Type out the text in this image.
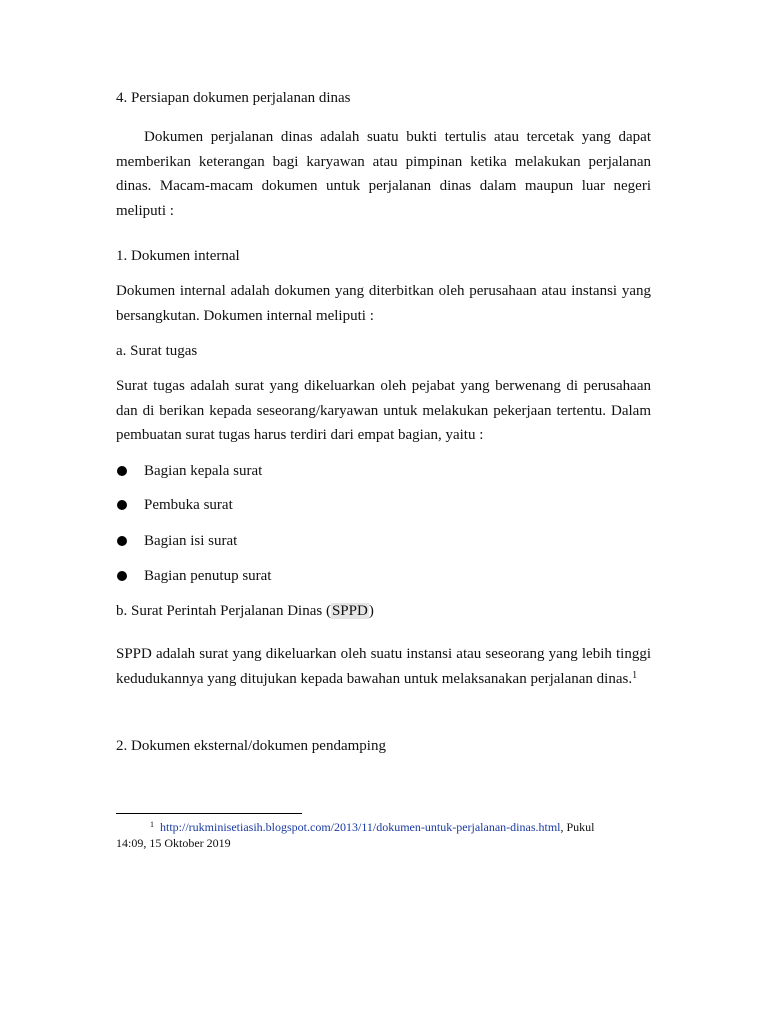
4. Persiapan dokumen perjalanan dinas
Dokumen perjalanan dinas adalah suatu bukti tertulis atau tercetak yang dapat memberikan keterangan bagi karyawan atau pimpinan ketika melakukan perjalanan dinas. Macam-macam dokumen untuk perjalanan dinas dalam maupun luar negeri meliputi :
1. Dokumen internal
Dokumen internal adalah dokumen yang diterbitkan oleh perusahaan atau instansi yang bersangkutan. Dokumen internal meliputi :
a. Surat tugas
Surat tugas adalah surat yang dikeluarkan oleh pejabat yang berwenang di perusahaan dan di berikan kepada seseorang/karyawan untuk melakukan pekerjaan tertentu. Dalam pembuatan surat tugas harus terdiri dari empat bagian, yaitu :
Bagian kepala surat
Pembuka surat
Bagian isi surat
Bagian penutup surat
b. Surat Perintah Perjalanan Dinas (SPPD)
SPPD adalah surat yang dikeluarkan oleh suatu instansi atau seseorang yang lebih tinggi kedudukannya yang ditujukan kepada bawahan untuk melaksanakan perjalanan dinas.$^1$
2. Dokumen eksternal/dokumen pendamping
$^1$ http://rukminisetiasih.blogspot.com/2013/11/dokumen-untuk-perjalanan-dinas.html, Pukul
14:09, 15 Oktober 2019
